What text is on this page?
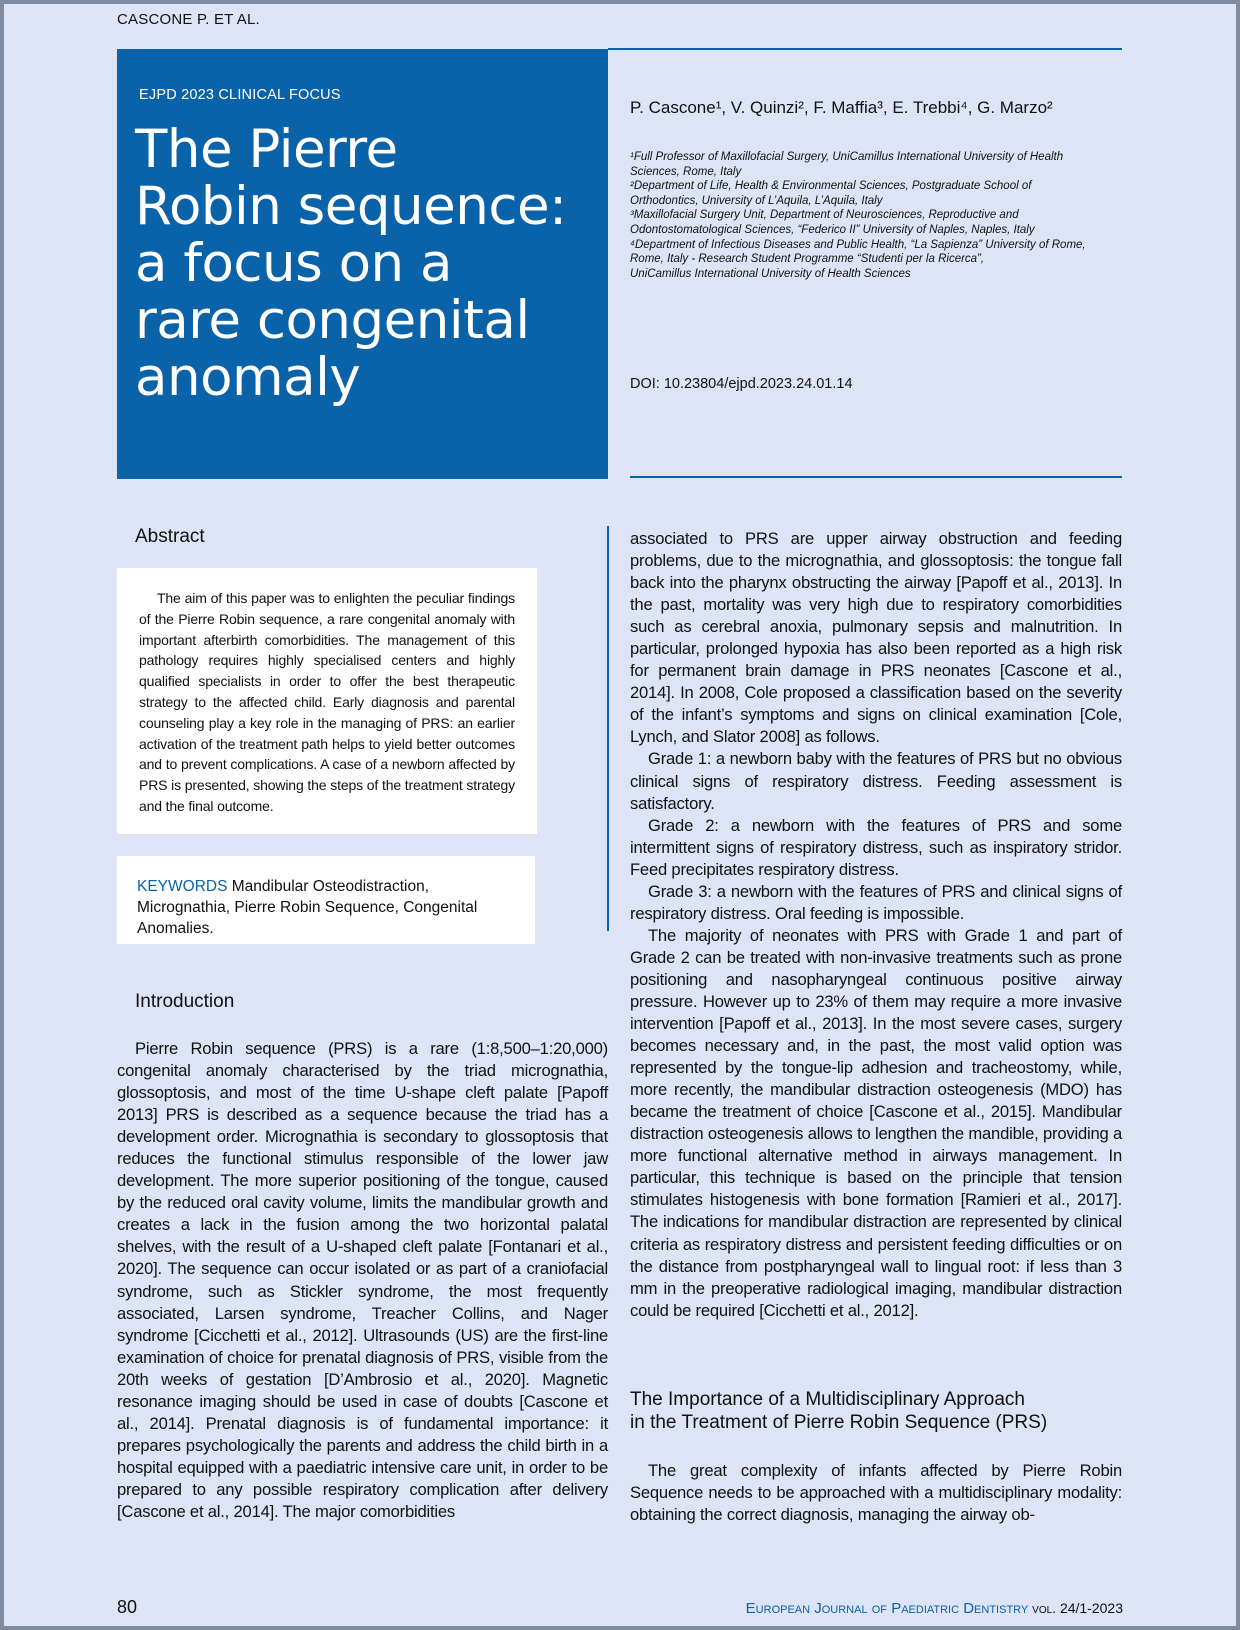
CASCONE P. ET AL.
EJPD 2023 CLINICAL FOCUS
The Pierre
Robin sequence:
a focus on a
rare congenital
anomaly
P. Cascone¹, V. Quinzi², F. Maffia³, E. Trebbi⁴, G. Marzo²
¹Full Professor of Maxillofacial Surgery, UniCamillus International University of Health
Sciences, Rome, Italy
²Department of Life, Health & Environmental Sciences, Postgraduate School of
Orthodontics, University of L’Aquila, L’Aquila, Italy
³Maxillofacial Surgery Unit, Department of Neurosciences, Reproductive and
Odontostomatological Sciences, “Federico II” University of Naples, Naples, Italy
⁴Department of Infectious Diseases and Public Health, “La Sapienza” University of Rome,
Rome, Italy - Research Student Programme “Studenti per la Ricerca”,
UniCamillus International University of Health Sciences
DOI: 10.23804/ejpd.2023.24.01.14
Abstract

The aim of this paper was to enlighten the peculiar findings of the Pierre Robin sequence, a rare congenital anomaly with important afterbirth comorbidities. The management of this pathology requires highly specialised centers and highly qualified specialists in order to offer the best therapeutic strategy to the affected child. Early diagnosis and parental counseling play a key role in the managing of PRS: an earlier activation of the treatment path helps to yield better outcomes and to prevent complications. A case of a newborn affected by PRS is presented, showing the steps of the treatment strategy and the final outcome.

KEYWORDS Mandibular Osteodistraction, Micrognathia, Pierre Robin Sequence, Congenital Anomalies.
Introduction

Pierre Robin sequence (PRS) is a rare (1:8,500–1:20,000) congenital anomaly characterised by the triad micrognathia, glossoptosis, and most of the time U-shape cleft palate [Papoff 2013] PRS is described as a sequence because the triad has a development order. Micrognathia is secondary to glossoptosis that reduces the functional stimulus responsible of the lower jaw development. The more superior positioning of the tongue, caused by the reduced oral cavity volume, limits the mandibular growth and creates a lack in the fusion among the two horizontal palatal shelves, with the result of a U-shaped cleft palate [Fontanari et al., 2020]. The sequence can occur isolated or as part of a craniofacial syndrome, such as Stickler syndrome, the most frequently associated, Larsen syndrome, Treacher Collins, and Nager syndrome [Cicchetti et al., 2012]. Ultrasounds (US) are the first-line examination of choice for prenatal diagnosis of PRS, visible from the 20th weeks of gestation [D’Ambrosio et al., 2020]. Magnetic resonance imaging should be used in case of doubts [Cascone et al., 2014]. Prenatal diagnosis is of fundamental importance: it prepares psychologically the parents and address the child birth in a hospital equipped with a paediatric intensive care unit, in order to be prepared to any possible respiratory complication after delivery [Cascone et al., 2014]. The major comorbidities

associated to PRS are upper airway obstruction and feeding problems, due to the micrognathia, and glossoptosis: the tongue fall back into the pharynx obstructing the airway [Papoff et al., 2013]. In the past, mortality was very high due to respiratory comorbidities such as cerebral anoxia, pulmonary sepsis and malnutrition. In particular, prolonged hypoxia has also been reported as a high risk for permanent brain damage in PRS neonates [Cascone et al., 2014]. In 2008, Cole proposed a classification based on the severity of the infant’s symptoms and signs on clinical examination [Cole, Lynch, and Slator 2008] as follows.

Grade 1: a newborn baby with the features of PRS but no obvious clinical signs of respiratory distress. Feeding assessment is satisfactory.

Grade 2: a newborn with the features of PRS and some intermittent signs of respiratory distress, such as inspiratory stridor. Feed precipitates respiratory distress.

Grade 3: a newborn with the features of PRS and clinical signs of respiratory distress. Oral feeding is impossible.

The majority of neonates with PRS with Grade 1 and part of Grade 2 can be treated with non-invasive treatments such as prone positioning and nasopharyngeal continuous positive airway pressure. However up to 23% of them may require a more invasive intervention [Papoff et al., 2013]. In the most severe cases, surgery becomes necessary and, in the past, the most valid option was represented by the tongue-lip adhesion and tracheostomy, while, more recently, the mandibular distraction osteogenesis (MDO) has became the treatment of choice [Cascone et al., 2015]. Mandibular distraction osteogenesis allows to lengthen the mandible, providing a more functional alternative method in airways management. In particular, this technique is based on the principle that tension stimulates histogenesis with bone formation [Ramieri et al., 2017]. The indications for mandibular distraction are represented by clinical criteria as respiratory distress and persistent feeding difficulties or on the distance from postpharyngeal wall to lingual root: if less than 3 mm in the preoperative radiological imaging, mandibular distraction could be required [Cicchetti et al., 2012].

The Importance of a Multidisciplinary Approach
in the Treatment of Pierre Robin Sequence (PRS)

The great complexity of infants affected by Pierre Robin Sequence needs to be approached with a multidisciplinary modality: obtaining the correct diagnosis, managing the airway ob-

80	European Journal of Paediatric Dentistry vol. 24/1-2023
